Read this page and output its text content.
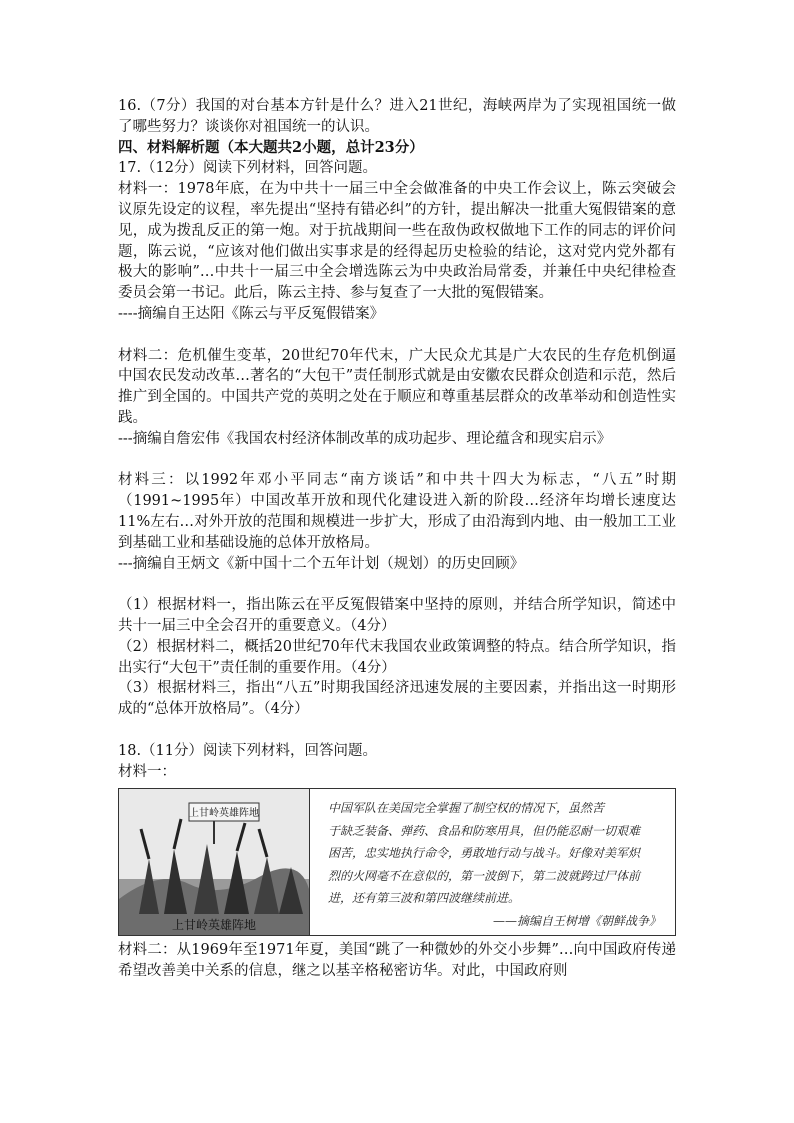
16.（7分）我国的对台基本方针是什么？进入21世纪，海峡两岸为了实现祖国统一做了哪些努力？谈谈你对祖国统一的认识。

四、材料解析题（本大题共2小题，总计23分）

17.（12分）阅读下列材料，回答问题。

材料一：1978年底，在为中共十一届三中全会做准备的中央工作会议上，陈云突破会议原先设定的议程，率先提出“坚持有错必纠”的方针，提出解决一批重大冤假错案的意见，成为拨乱反正的第一炮。对于抗战期间一些在敌伪政权做地下工作的同志的评价问题，陈云说，“应该对他们做出实事求是的经得起历史检验的结论，这对党内党外都有极大的影响”…中共十一届三中全会增选陈云为中央政治局常委，并兼任中央纪律检查委员会第一书记。此后，陈云主持、参与复查了一大批的冤假错案。

----摘编自王达阳《陈云与平反冤假错案》

材料二：危机催生变革，20世纪70年代末，广大民众尤其是广大农民的生存危机倒逼中国农民发动改革…著名的“大包干”责任制形式就是由安徽农民群众创造和示范，然后推广到全国的。中国共产党的英明之处在于顺应和尊重基层群众的改革举动和创造性实践。

---摘编自詹宏伟《我国农村经济体制改革的成功起步、理论蕴含和现实启示》

材料三：以1992年邓小平同志“南方谈话”和中共十四大为标志，“八五”时期（1991~1995年）中国改革开放和现代化建设进入新的阶段…经济年均增长速度达11%左右…对外开放的范围和规模进一步扩大，形成了由沿海到内地、由一般加工工业到基础工业和基础设施的总体开放格局。

---摘编自王炳文《新中国十二个五年计划（规划）的历史回顾》

（1）根据材料一，指出陈云在平反冤假错案中坚持的原则，并结合所学知识，简述中共十一届三中全会召开的重要意义。（4分）

（2）根据材料二，概括20世纪70年代末我国农业政策调整的特点。结合所学知识，指出实行“大包干”责任制的重要作用。（4分）

（3）根据材料三，指出“八五”时期我国经济迅速发展的主要因素，并指出这一时期形成的“总体开放格局”。（4分）

18.（11分）阅读下列材料，回答问题。

材料一：

上甘岭英雄阵地
上甘岭英雄阵地
中国军队在美国完全掌握了制空权的情况下，虽然苦
于缺乏装备、弹药、食品和防寒用具，但仍能忍耐一切艰难
困苦，忠实地执行命令，勇敢地行动与战斗。好像对美军炽
烈的火网毫不在意似的，第一波倒下，第二波就跨过尸体前
进，还有第三波和第四波继续前进。
——摘编自王树增《朝鲜战争》

材料二：从1969年至1971年夏，美国“跳了一种微妙的外交小步舞”…向中国政府传递希望改善美中关系的信息，继之以基辛格秘密访华。对此，中国政府则
